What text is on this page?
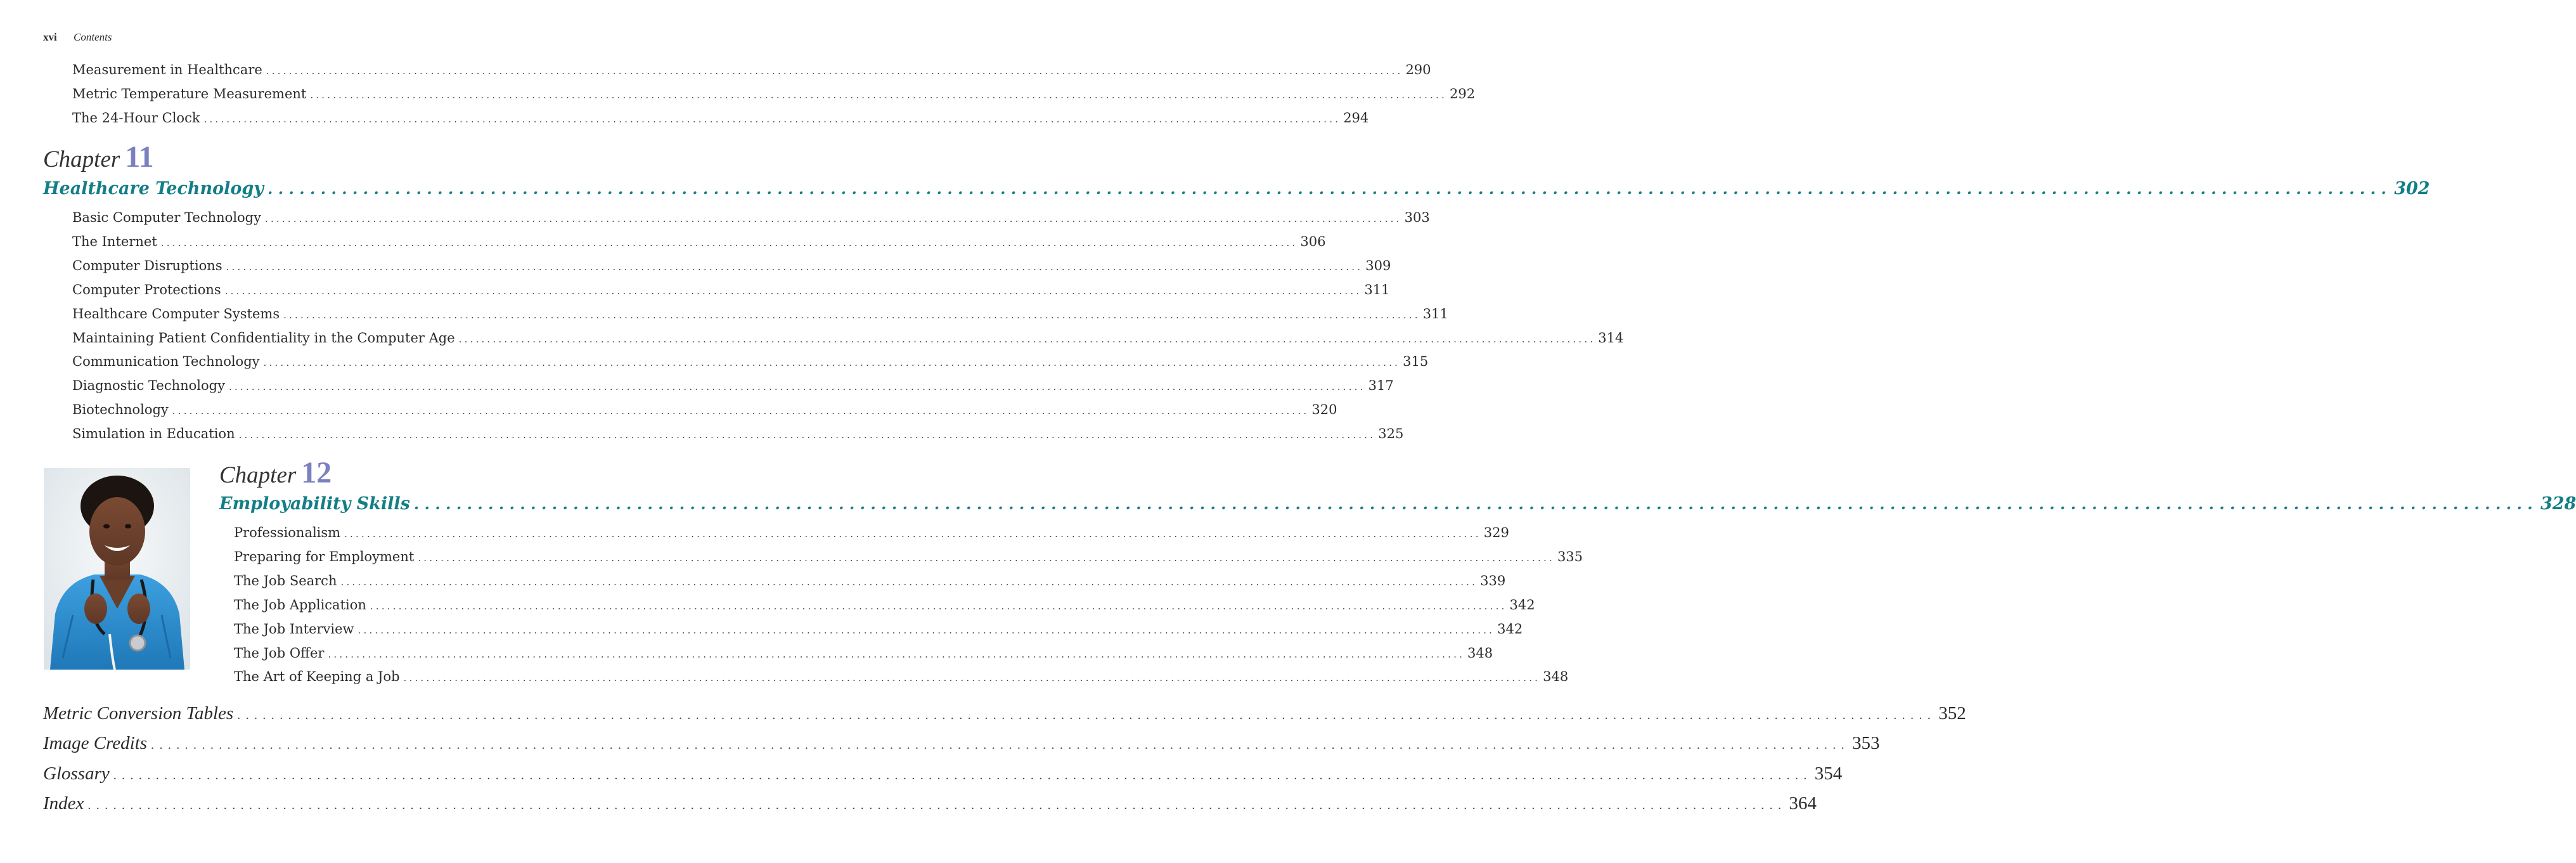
xvi Contents
Measurement in Healthcare ........................................................................................................................................................................................................ 290
Metric Temperature Measurement ........................................................................................................................................................................................................ 292
The 24-Hour Clock ........................................................................................................................................................................................................ 294
Chapter 11
Healthcare Technology ........................................................................................................................................................................................................ 302
Basic Computer Technology ........................................................................................................................................................................................................ 303
The Internet ........................................................................................................................................................................................................ 306
Computer Disruptions ........................................................................................................................................................................................................ 309
Computer Protections ........................................................................................................................................................................................................ 311
Healthcare Computer Systems ........................................................................................................................................................................................................ 311
Maintaining Patient Confidentiality in the Computer Age ........................................................................................................................................................................................................ 314
Communication Technology ........................................................................................................................................................................................................ 315
Diagnostic Technology ........................................................................................................................................................................................................ 317
Biotechnology ........................................................................................................................................................................................................ 320
Simulation in Education ........................................................................................................................................................................................................ 325
Chapter 12
Employability Skills ........................................................................................................................................................................................................ 328
Professionalism ........................................................................................................................................................................................................ 329
Preparing for Employment ........................................................................................................................................................................................................ 335
The Job Search ........................................................................................................................................................................................................ 339
The Job Application ........................................................................................................................................................................................................ 342
The Job Interview ........................................................................................................................................................................................................ 342
The Job Offer ........................................................................................................................................................................................................ 348
The Art of Keeping a Job ........................................................................................................................................................................................................ 348
Metric Conversion Tables ........................................................................................................................................................................................................ 352
Image Credits ........................................................................................................................................................................................................ 353
Glossary ........................................................................................................................................................................................................ 354
Index ........................................................................................................................................................................................................ 364
